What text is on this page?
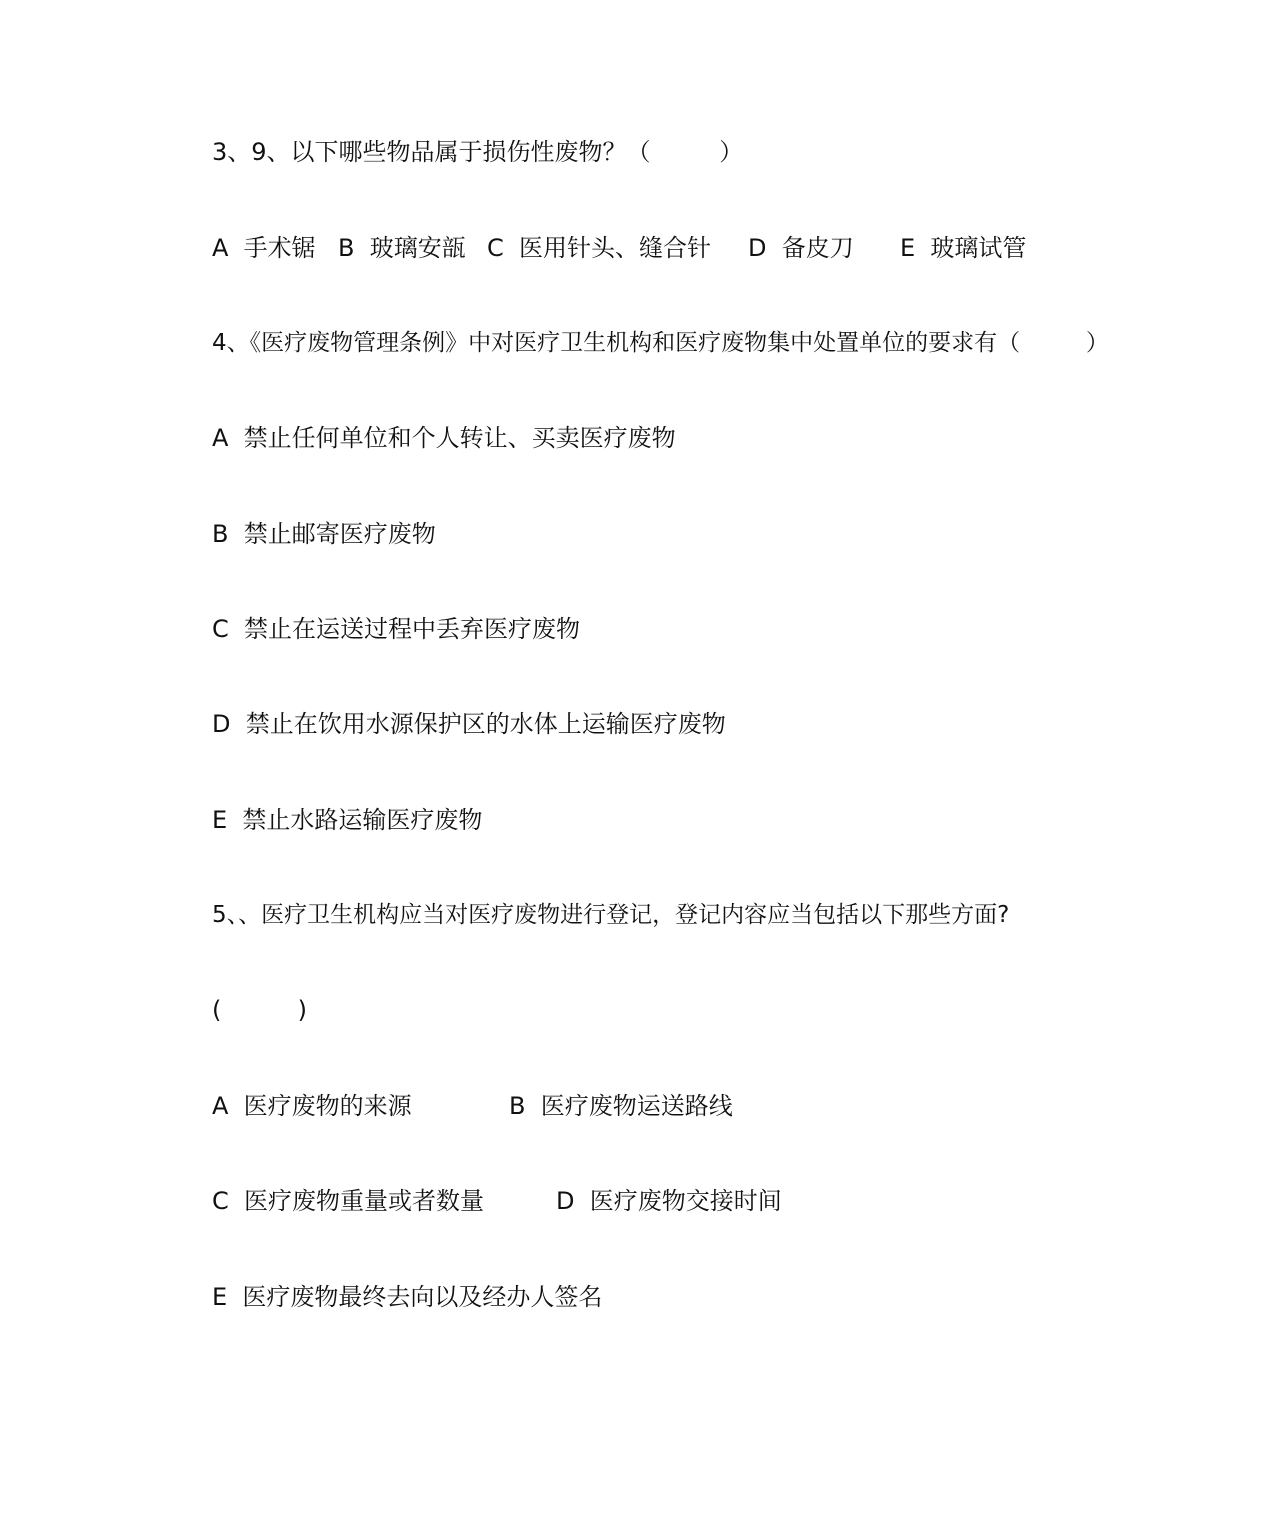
3、9、以下哪些物品属于损伤性废物？（         ）

A  手术锯

B  玻璃安瓿

C  医用针头、缝合针

D  备皮刀

E  玻璃试管

4、《医疗废物管理条例》中对医疗卫生机构和医疗废物集中处置单位的要求有（         ）
A  禁止任何单位和个人转让、买卖医疗废物
B  禁止邮寄医疗废物
C  禁止在运送过程中丢弃医疗废物
D  禁止在饮用水源保护区的水体上运输医疗废物
E  禁止水路运输医疗废物
5、、医疗卫生机构应当对医疗废物进行登记，登记内容应当包括以下那些方面?
(          )

A  医疗废物的来源

	B  医疗废物运送路线

C  医疗废物重量或者数量

	D  医疗废物交接时间

E  医疗废物最终去向以及经办人签名
